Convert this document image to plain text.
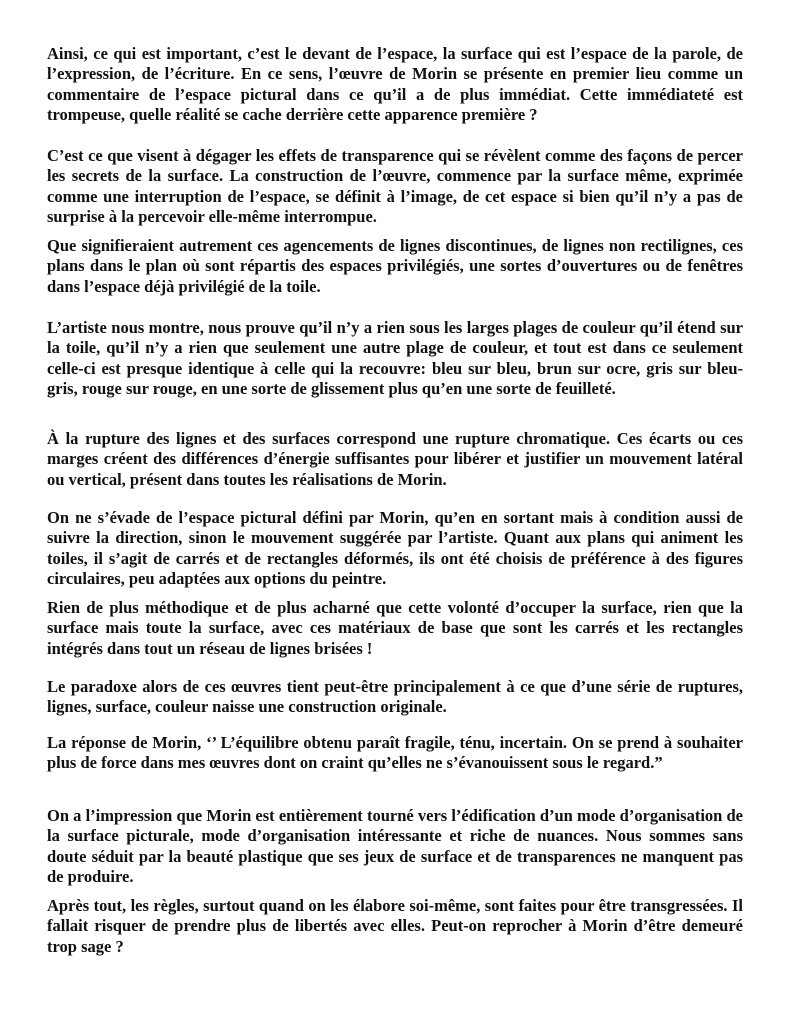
Ainsi, ce qui est important, c’est le devant de l’espace, la surface qui est l’espace de la parole, de l’expression, de l’écriture. En ce sens, l’œuvre de Morin se présente en premier lieu comme un commentaire de l’espace pictural dans ce qu’il a de plus immédiat. Cette immédiateté est trompeuse, quelle réalité se cache derrière cette apparence première ?

C’est ce que visent à dégager les effets de transparence qui se révèlent comme des façons de percer les secrets de la surface. La construction de l’œuvre, commence par la surface même, exprimée comme une interruption de l’espace, se définit à l’image, de cet espace si bien qu’il n’y a pas de surprise à la percevoir elle-même interrompue.

Que signifieraient autrement ces agencements de lignes discontinues, de lignes non rectilignes, ces plans dans le plan où sont répartis des espaces privilégiés, une sortes d’ouvertures ou de fenêtres dans l’espace déjà privilégié de la toile.

L’artiste nous montre, nous prouve qu’il n’y a rien sous les larges plages de couleur qu’il étend sur la toile, qu’il n’y a rien que seulement une autre plage de couleur, et tout est dans ce seulement celle-ci est presque identique à celle qui la recouvre: bleu sur bleu, brun sur ocre, gris sur bleu-gris, rouge sur rouge, en une sorte de glissement plus qu’en une sorte de feuilleté.

À la rupture des lignes et des surfaces correspond une rupture chromatique. Ces écarts ou ces marges créent des différences d’énergie suffisantes pour libérer et justifier un mouvement latéral ou vertical, présent dans toutes les réalisations de Morin.

On ne s’évade de l’espace pictural défini par Morin, qu’en en sortant mais à condition aussi de suivre la direction, sinon le mouvement suggérée par l’artiste. Quant aux plans qui animent les toiles, il s’agit de carrés et de rectangles déformés, ils ont été choisis de préférence à des figures circulaires, peu adaptées aux options du peintre.

Rien de plus méthodique et de plus acharné que cette volonté d’occuper la surface, rien que la surface mais toute la surface, avec ces matériaux de base que sont les carrés et les rectangles intégrés dans tout un réseau de lignes brisées !

Le paradoxe alors de ces œuvres tient peut-être principalement à ce que d’une série de ruptures, lignes, surface, couleur naisse une construction originale.

La réponse de Morin, ‘’ L’équilibre obtenu paraît fragile, ténu, incertain. On se prend à souhaiter plus de force dans mes œuvres dont on craint qu’elles ne s’évanouissent sous le regard.”

On a l’impression que Morin est entièrement tourné vers l’édification d’un mode d’organisation de la surface picturale, mode d’organisation intéressante et riche de nuances. Nous sommes sans doute séduit par la beauté plastique que ses jeux de surface et de transparences ne manquent pas de produire.

Après tout, les règles, surtout quand on les élabore soi-même, sont faites pour être transgressées. Il fallait risquer de prendre plus de libertés avec elles. Peut-on reprocher à Morin d’être demeuré trop sage ?
